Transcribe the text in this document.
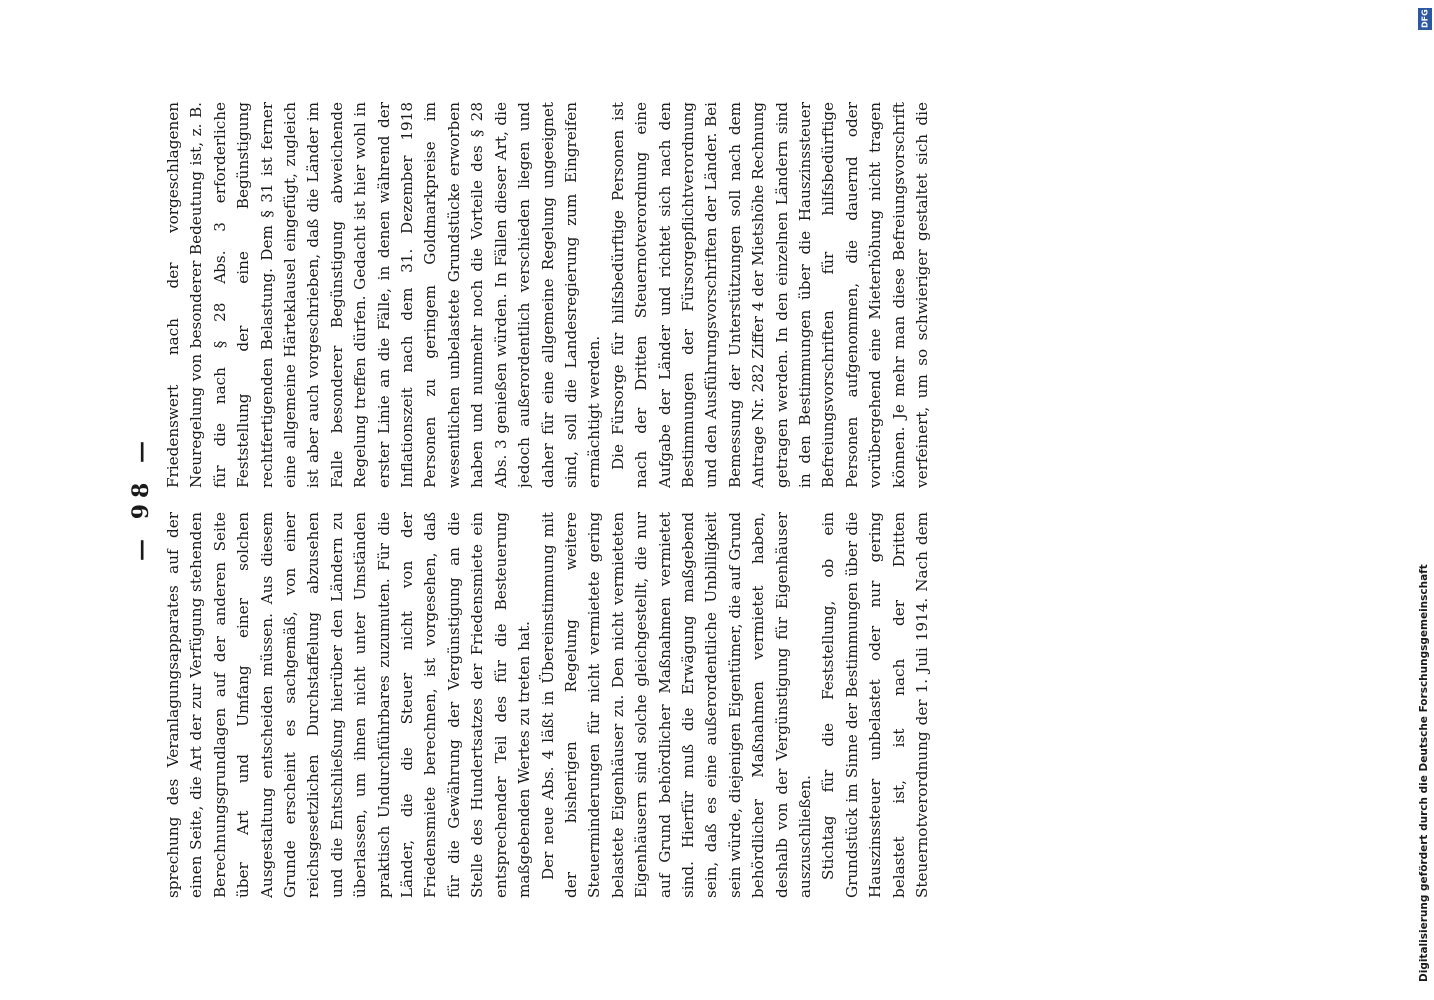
— 98 —

sprechung des Veranlagungsapparates auf der einen Seite, die Art der zur Verfügung stehenden Berechnungsgrundlagen auf der anderen Seite über Art und Umfang einer solchen Ausgestaltung entscheiden müssen. Aus diesem Grunde erscheint es sachgemäß, von einer reichsgesetzlichen Durchstaffelung abzusehen und die Entschließung hierüber den Ländern zu überlassen, um ihnen nicht unter Umständen praktisch Undurchführbares zuzumuten. Für die Länder, die die Steuer nicht von der Friedensmiete berechnen, ist vorgesehen, daß für die Gewährung der Vergünstigung an die Stelle des Hundertsatzes der Friedensmiete ein entsprechender Teil des für die Besteuerung maßgebenden Wertes zu treten hat. Der neue Abs. 4 läßt in Übereinstimmung mit der bisherigen Regelung weitere Steuerminderungen für nicht vermietete gering belastete Eigenhäuser zu. Den nicht vermieteten Eigenhäusern sind solche gleichgestellt, die nur auf Grund behördlicher Maßnahmen vermietet sind. Hierfür muß die Erwägung maßgebend sein, daß es eine außerordentliche Unbilligkeit sein würde, diejenigen Eigentümer, die auf Grund behördlicher Maßnahmen vermietet haben, deshalb von der Vergünstigung für Eigenhäuser auszuschließen. Stichtag für die Feststellung, ob ein Grundstück im Sinne der Bestimmungen über die Hauszinssteuer unbelastet oder nur gering belastet ist, ist nach der Dritten Steuernotverordnung der 1. Juli 1914. Nach dem

Friedenswert nach der vorgeschlagenen Neuregelung von besonderer Bedeutung ist, z. B. für die nach § 28 Abs. 3 erforderliche Feststellung der eine Begünstigung rechtfertigenden Belastung. Dem § 31 ist ferner eine allgemeine Härteklausel eingefügt, zugleich ist aber auch vorgeschrieben, daß die Länder im Falle besonderer Begünstigung abweichende Regelung treffen dürfen. Gedacht ist hier wohl in erster Linie an die Fälle, in denen während der Inflationszeit nach dem 31. Dezember 1918 Personen zu geringem Goldmarkpreise im wesentlichen unbelastete Grundstücke erworben haben und nunmehr noch die Vorteile des § 28 Abs. 3 genießen würden. In Fällen dieser Art, die jedoch außerordentlich verschieden liegen und daher für eine allgemeine Regelung ungeeignet sind, soll die Landesregierung zum Eingreifen ermächtigt werden. Die Fürsorge für hilfsbedürftige Personen ist nach der Dritten Steuernotverordnung eine Aufgabe der Länder und richtet sich nach den Bestimmungen der Fürsorgepflichtverordnung und den Ausführungsvorschriften der Länder. Bei Bemessung der Unterstützungen soll nach dem Antrage Nr. 282 Ziffer 4 der Mietshöhe Rechnung getragen werden. In den einzelnen Ländern sind in den Bestimmungen über die Hauszinssteuer Befreiungsvorschriften für hilfsbedürftige Personen aufgenommen, die dauernd oder vorübergehend eine Mieterhöhung nicht tragen können. Je mehr man diese Befreiungsvorschrift verfeinert, um so schwieriger gestaltet sich die

Digitalisierung gefördert durch die Deutsche Forschungsgemeinschaft
DFG
